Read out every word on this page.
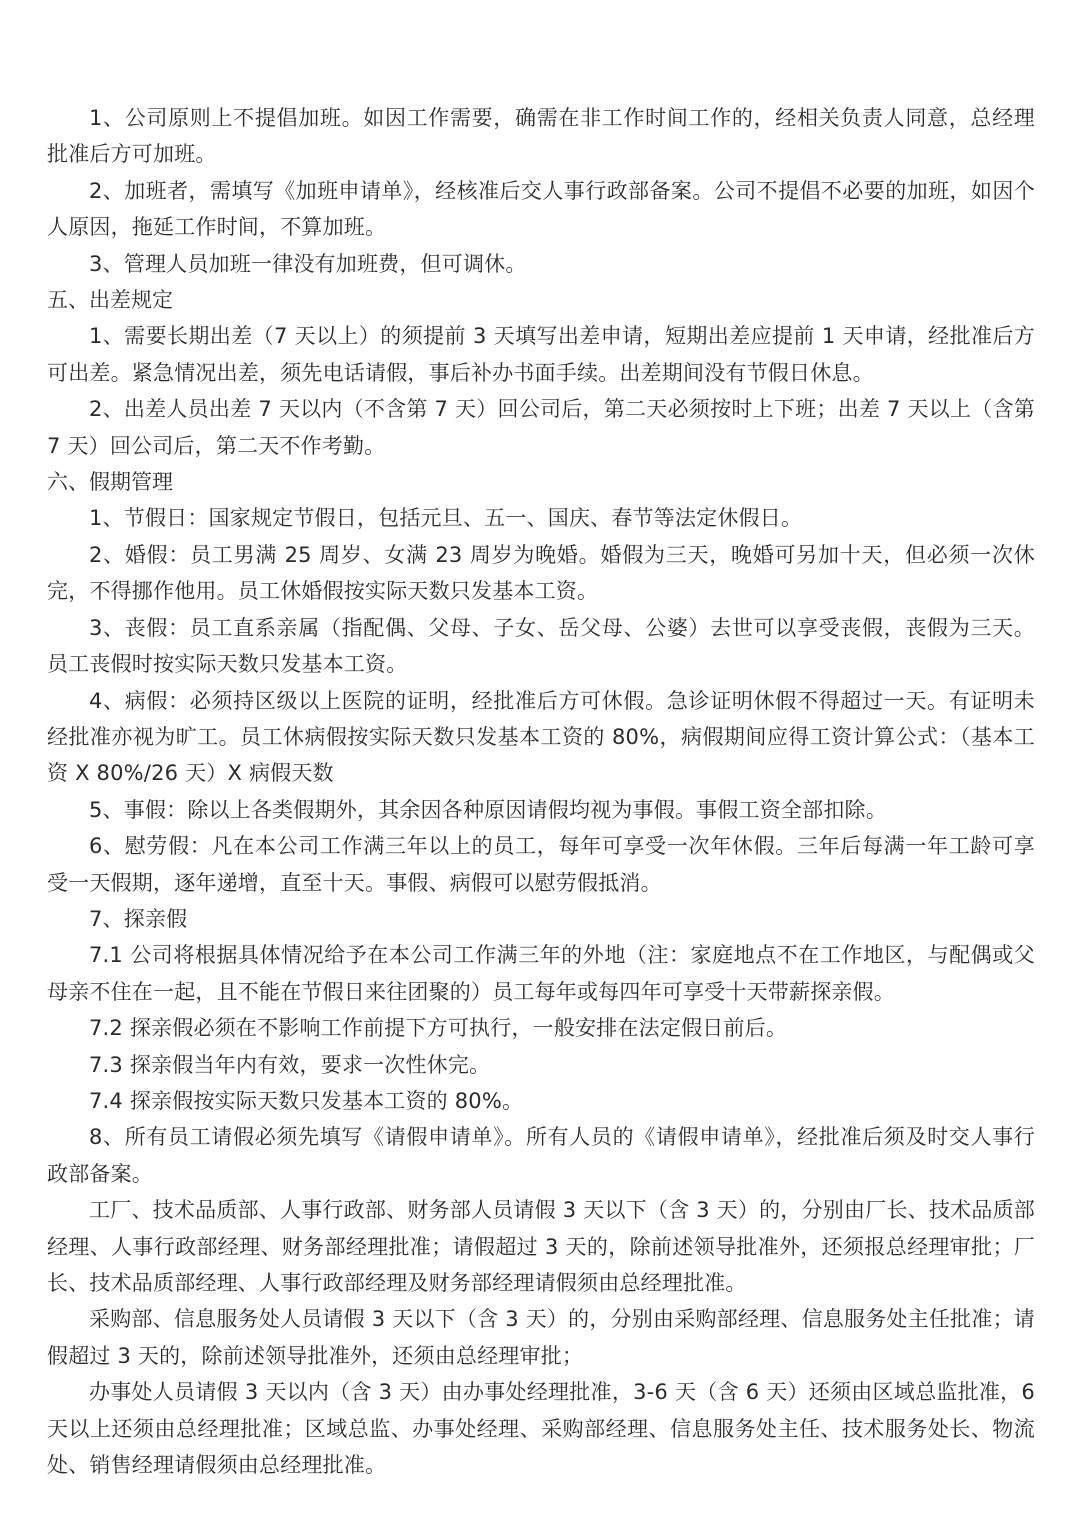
1、公司原则上不提倡加班。如因工作需要，确需在非工作时间工作的，经相关负责人同意，总经理批准后方可加班。

2、加班者，需填写《加班申请单》，经核准后交人事行政部备案。公司不提倡不必要的加班，如因个人原因，拖延工作时间，不算加班。

3、管理人员加班一律没有加班费，但可调休。

五、出差规定

1、需要长期出差（7 天以上）的须提前 3 天填写出差申请，短期出差应提前 1 天申请，经批准后方可出差。紧急情况出差，须先电话请假，事后补办书面手续。出差期间没有节假日休息。

2、出差人员出差 7 天以内（不含第 7 天）回公司后，第二天必须按时上下班；出差 7 天以上（含第 7 天）回公司后，第二天不作考勤。

六、假期管理

1、节假日：国家规定节假日，包括元旦、五一、国庆、春节等法定休假日。

2、婚假：员工男满 25 周岁、女满 23 周岁为晚婚。婚假为三天，晚婚可另加十天，但必须一次休完，不得挪作他用。员工休婚假按实际天数只发基本工资。

3、丧假：员工直系亲属（指配偶、父母、子女、岳父母、公婆）去世可以享受丧假，丧假为三天。员工丧假时按实际天数只发基本工资。

4、病假：必须持区级以上医院的证明，经批准后方可休假。急诊证明休假不得超过一天。有证明未经批准亦视为旷工。员工休病假按实际天数只发基本工资的 80%，病假期间应得工资计算公式：（基本工资 X 80%/26 天）X 病假天数

5、事假：除以上各类假期外，其余因各种原因请假均视为事假。事假工资全部扣除。

6、慰劳假：凡在本公司工作满三年以上的员工，每年可享受一次年休假。三年后每满一年工龄可享受一天假期，逐年递增，直至十天。事假、病假可以慰劳假抵消。

7、探亲假

7.1 公司将根据具体情况给予在本公司工作满三年的外地（注：家庭地点不在工作地区，与配偶或父母亲不住在一起，且不能在节假日来往团聚的）员工每年或每四年可享受十天带薪探亲假。

7.2 探亲假必须在不影响工作前提下方可执行，一般安排在法定假日前后。

7.3 探亲假当年内有效，要求一次性休完。

7.4 探亲假按实际天数只发基本工资的 80%。

8、所有员工请假必须先填写《请假申请单》。所有人员的《请假申请单》，经批准后须及时交人事行政部备案。

工厂、技术品质部、人事行政部、财务部人员请假 3 天以下（含 3 天）的，分别由厂长、技术品质部经理、人事行政部经理、财务部经理批准；请假超过 3 天的，除前述领导批准外，还须报总经理审批；厂长、技术品质部经理、人事行政部经理及财务部经理请假须由总经理批准。

采购部、信息服务处人员请假 3 天以下（含 3 天）的，分别由采购部经理、信息服务处主任批准；请假超过 3 天的，除前述领导批准外，还须由总经理审批；

办事处人员请假 3 天以内（含 3 天）由办事处经理批准，3-6 天（含 6 天）还须由区域总监批准，6 天以上还须由总经理批准；区域总监、办事处经理、采购部经理、信息服务处主任、技术服务处长、物流处、销售经理请假须由总经理批准。
